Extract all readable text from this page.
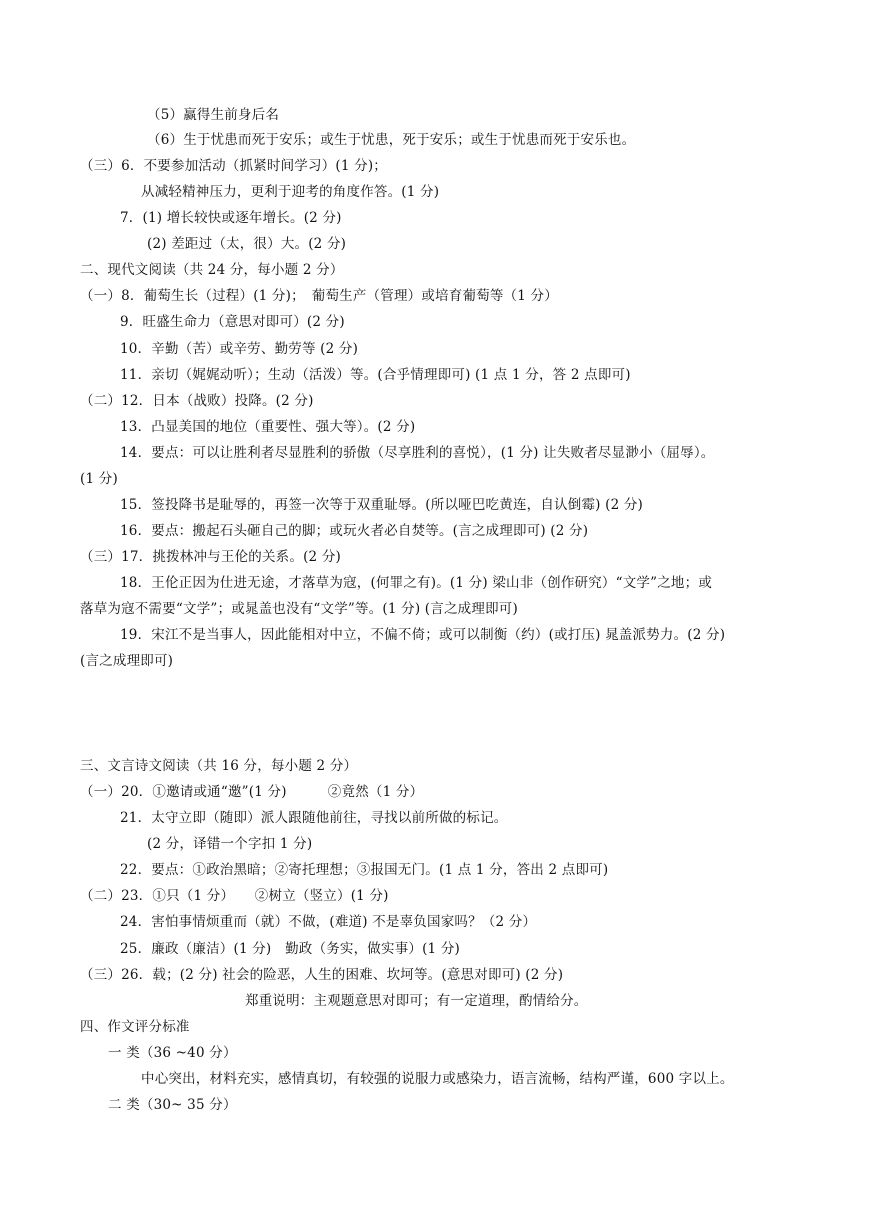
（5）赢得生前身后名
（6）生于忧患而死于安乐；或生于忧患，死于安乐；或生于忧患而死于安乐也。
（三）6．不要参加活动（抓紧时间学习）(1 分)；
从减轻精神压力，更利于迎考的角度作答。(1 分)
7．(1) 增长较快或逐年增长。(2 分)
(2) 差距过（太，很）大。(2 分)
二、现代文阅读（共 24 分，每小题 2 分）
（一）8．葡萄生长（过程）(1 分)；　葡萄生产（管理）或培育葡萄等（1 分）
9．旺盛生命力（意思对即可）(2 分)
10．辛勤（苦）或辛劳、勤劳等 (2 分)
11．亲切（娓娓动听）；生动（活泼）等。(合乎情理即可) (1 点 1 分，答 2 点即可)
（二）12．日本（战败）投降。(2 分)
13．凸显美国的地位（重要性、强大等）。(2 分)
14．要点：可以让胜利者尽显胜利的骄傲（尽享胜利的喜悦），(1 分) 让失败者尽显渺小（屈辱）。
(1 分)
15．签投降书是耻辱的，再签一次等于双重耻辱。(所以哑巴吃黄连，自认倒霉) (2 分)
16．要点：搬起石头砸自己的脚；或玩火者必自焚等。(言之成理即可) (2 分)
（三）17．挑拨林冲与王伦的关系。(2 分)
18．王伦正因为仕进无途，才落草为寇，(何罪之有)。(1 分) 梁山非（创作研究）“文学”之地；或
落草为寇不需要“文学”；或晁盖也没有“文学”等。(1 分) (言之成理即可)
19．宋江不是当事人，因此能相对中立，不偏不倚；或可以制衡（约）(或打压) 晁盖派势力。(2 分)
(言之成理即可)
三、文言诗文阅读（共 16 分，每小题 2 分）
（一）20．①邀请或通“邀”(1 分)　　　②竟然（1 分）
21．太守立即（随即）派人跟随他前往，寻找以前所做的标记。
(2 分，译错一个字扣 1 分)
22．要点：①政治黑暗；②寄托理想；③报国无门。(1 点 1 分，答出 2 点即可)
（二）23．①只（1 分）　　②树立（竖立）(1 分)
24．害怕事情烦重而（就）不做，(难道) 不是辜负国家吗？（2 分）
25．廉政（廉洁）(1 分)　勤政（务实，做实事）(1 分)
（三）26．载；(2 分) 社会的险恶，人生的困难、坎坷等。(意思对即可) (2 分)
郑重说明：主观题意思对即可；有一定道理，酌情给分。
四、作文评分标准
一 类（36 ~40 分）
中心突出，材料充实，感情真切，有较强的说服力或感染力，语言流畅，结构严谨，600 字以上。
二 类（30~ 35 分）
